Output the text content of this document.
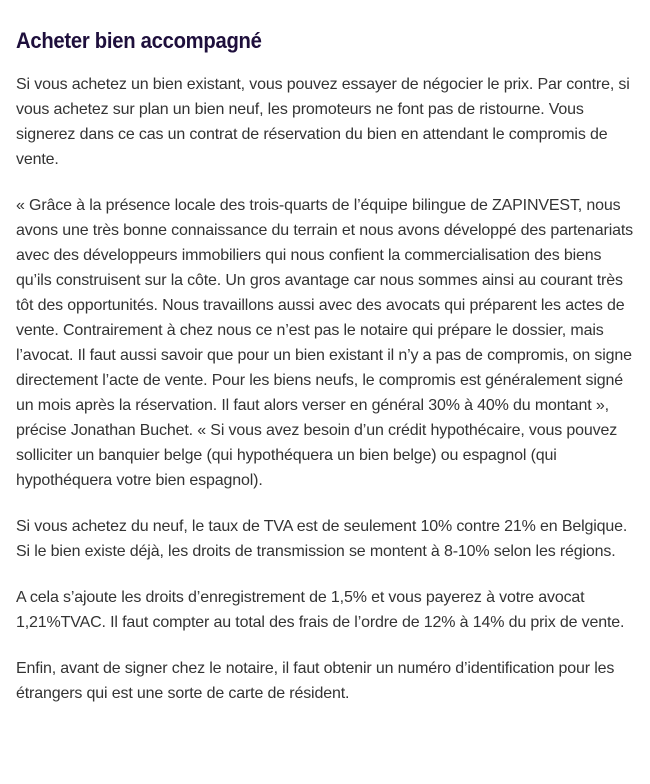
Acheter bien accompagné

Si vous achetez un bien existant, vous pouvez essayer de négocier le prix. Par contre, si vous achetez sur plan un bien neuf, les promoteurs ne font pas de ristourne. Vous signerez dans ce cas un contrat de réservation du bien en attendant le compromis de vente.

« Grâce à la présence locale des trois-quarts de l’équipe bilingue de ZAPINVEST, nous avons une très bonne connaissance du terrain et nous avons développé des partenariats avec des développeurs immobiliers qui nous confient la commercialisation des biens qu’ils construisent sur la côte. Un gros avantage car nous sommes ainsi au courant très tôt des opportunités. Nous travaillons aussi avec des avocats qui préparent les actes de vente. Contrairement à chez nous ce n’est pas le notaire qui prépare le dossier, mais l’avocat. Il faut aussi savoir que pour un bien existant il n’y a pas de compromis, on signe directement l’acte de vente. Pour les biens neufs, le compromis est généralement signé un mois après la réservation. Il faut alors verser en général 30% à 40% du montant », précise Jonathan Buchet. « Si vous avez besoin d’un crédit hypothécaire, vous pouvez solliciter un banquier belge (qui hypothéquera un bien belge) ou espagnol (qui hypothéquera votre bien espagnol).

Si vous achetez du neuf, le taux de TVA est de seulement 10% contre 21% en Belgique. Si le bien existe déjà, les droits de transmission se montent à 8-10% selon les régions.

A cela s’ajoute les droits d’enregistrement de 1,5% et vous payerez à votre avocat 1,21%TVAC. Il faut compter au total des frais de l’ordre de 12% à 14% du prix de vente.

Enfin, avant de signer chez le notaire, il faut obtenir un numéro d’identification pour les étrangers qui est une sorte de carte de résident.
